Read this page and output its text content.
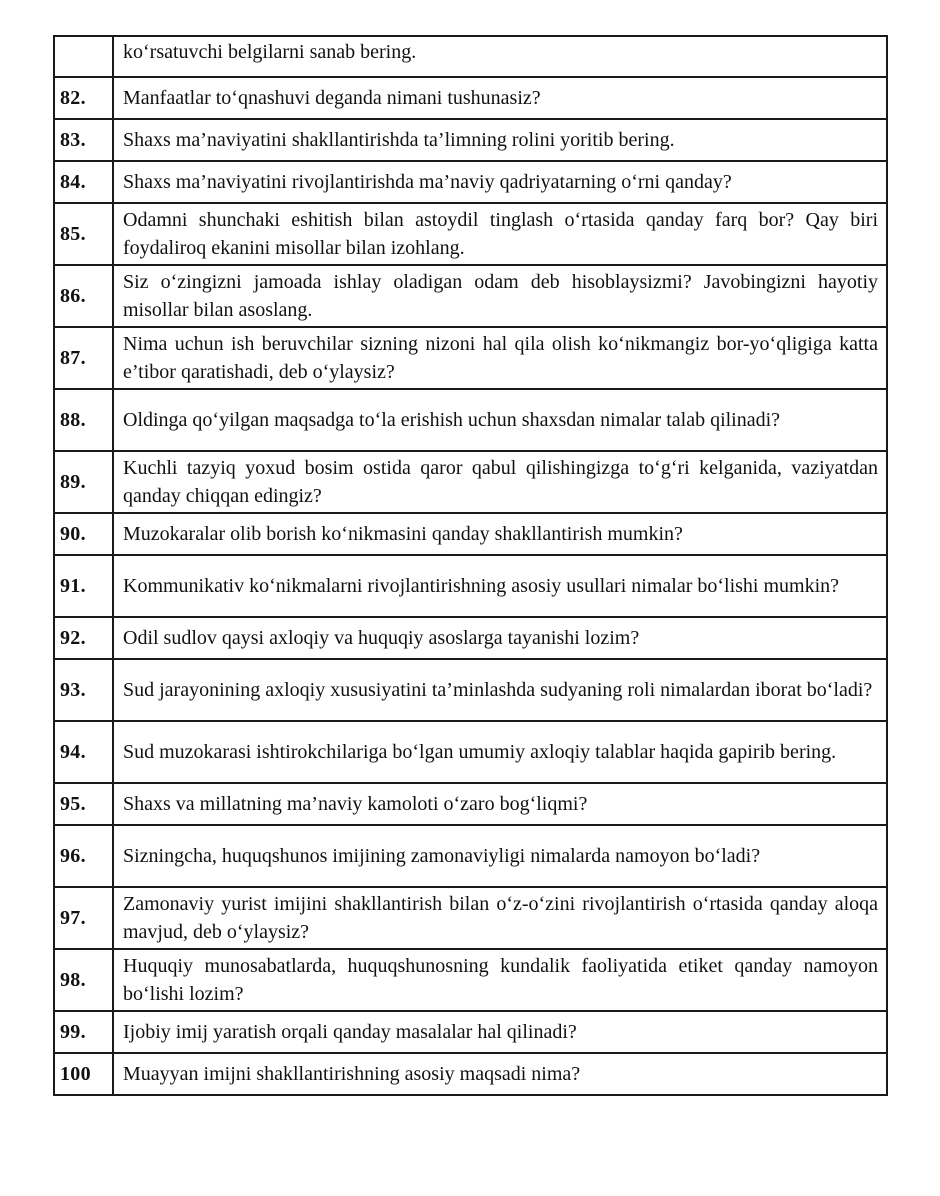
	ko‘rsatuvchi belgilarni sanab bering.
82.	Manfaatlar to‘qnashuvi deganda nimani tushunasiz?
83.	Shaxs ma’naviyatini shakllantirishda ta’limning rolini yoritib bering.
84.	Shaxs ma’naviyatini rivojlantirishda ma’naviy qadriyatarning o‘rni qanday?
85.	Odamni shunchaki eshitish bilan astoydil tinglash o‘rtasida qanday farq bor? Qay biri foydaliroq ekanini misollar bilan izohlang.
86.	Siz o‘zingizni jamoada ishlay oladigan odam deb hisoblaysizmi? Javobingizni hayotiy misollar bilan asoslang.
87.	Nima uchun ish beruvchilar sizning nizoni hal qila olish ko‘nikmangiz bor-yo‘qligiga katta e’tibor qaratishadi, deb o‘ylaysiz?
88.	Oldinga qo‘yilgan maqsadga to‘la erishish uchun shaxsdan nimalar talab qilinadi?
89.	Kuchli tazyiq yoxud bosim ostida qaror qabul qilishingizga to‘g‘ri kelganida, vaziyatdan qanday chiqqan edingiz?
90.	Muzokaralar olib borish ko‘nikmasini qanday shakllantirish mumkin?
91.	Kommunikativ ko‘nikmalarni rivojlantirishning asosiy usullari nimalar bo‘lishi mumkin?
92.	Odil sudlov qaysi axloqiy va huquqiy asoslarga tayanishi lozim?
93.	Sud jarayonining axloqiy xususiyatini ta’minlashda sudyaning roli nimalardan iborat bo‘ladi?
94.	Sud muzokarasi ishtirokchilariga bo‘lgan umumiy axloqiy talablar haqida gapirib bering.
95.	Shaxs va millatning ma’naviy kamoloti o‘zaro bog‘liqmi?
96.	Sizningcha, huquqshunos imijining zamonaviyligi nimalarda namoyon bo‘ladi?
97.	Zamonaviy yurist imijini shakllantirish bilan o‘z-o‘zini rivojlantirish o‘rtasida qanday aloqa mavjud, deb o‘ylaysiz?
98.	Huquqiy munosabatlarda, huquqshunosning kundalik faoliyatida etiket qanday namoyon bo‘lishi lozim?
99.	Ijobiy imij yaratish orqali qanday masalalar hal qilinadi?
100	Muayyan imijni shakllantirishning asosiy maqsadi nima?
